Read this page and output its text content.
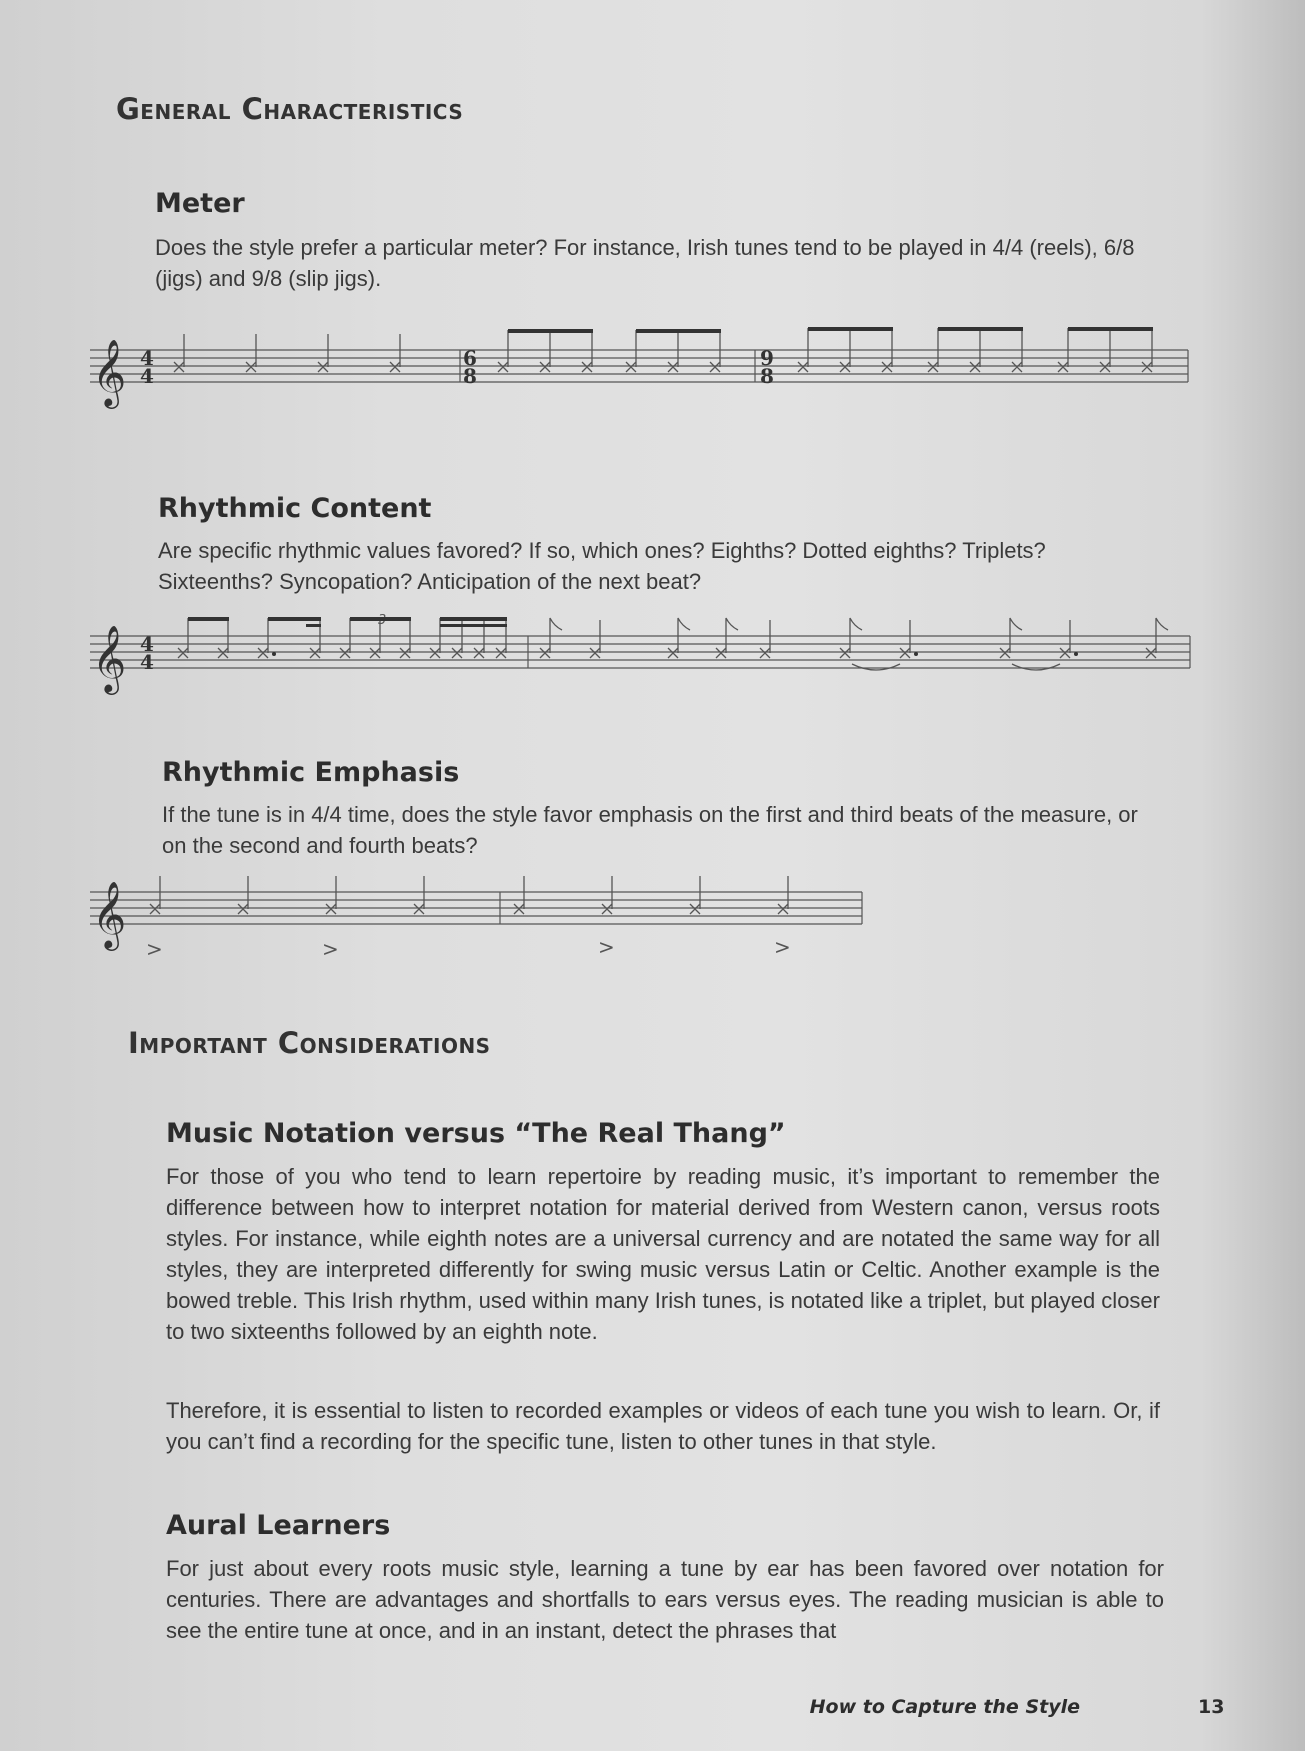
General Characteristics
Meter

Does the style prefer a particular meter? For instance, Irish tunes tend to be played in 4/4 (reels), 6/8 (jigs) and 9/8 (slip jigs).

𝄞 4
4
6
8
9
8
Rhythmic Content

Are specific rhythmic values favored? If so, which ones? Eighths? Dotted eighths? Triplets? Sixteenths? Syncopation? Anticipation of the next beat?

𝄞 4
4
Rhythmic Emphasis

If the tune is in 4/4 time, does the style favor emphasis on the first and third beats of the measure, or on the second and fourth beats?

𝄞
>	>	>	>
Important Considerations
Music Notation versus “The Real Thang”

For those of you who tend to learn repertoire by reading music, it’s important to remember the difference between how to interpret notation for material derived from Western canon, versus roots styles. For instance, while eighth notes are a universal currency and are notated the same way for all styles, they are interpreted differently for swing music versus Latin or Celtic. Another example is the bowed treble. This Irish rhythm, used within many Irish tunes, is notated like a triplet, but played closer to two sixteenths followed by an eighth note.

Therefore, it is essential to listen to recorded examples or videos of each tune you wish to learn. Or, if you can’t find a recording for the specific tune, listen to other tunes in that style.

Aural Learners

For just about every roots music style, learning a tune by ear has been favored over notation for centuries. There are advantages and shortfalls to ears versus eyes. The reading musician is able to see the entire tune at once, and in an instant, detect the phrases that

How to Capture the Style	13
